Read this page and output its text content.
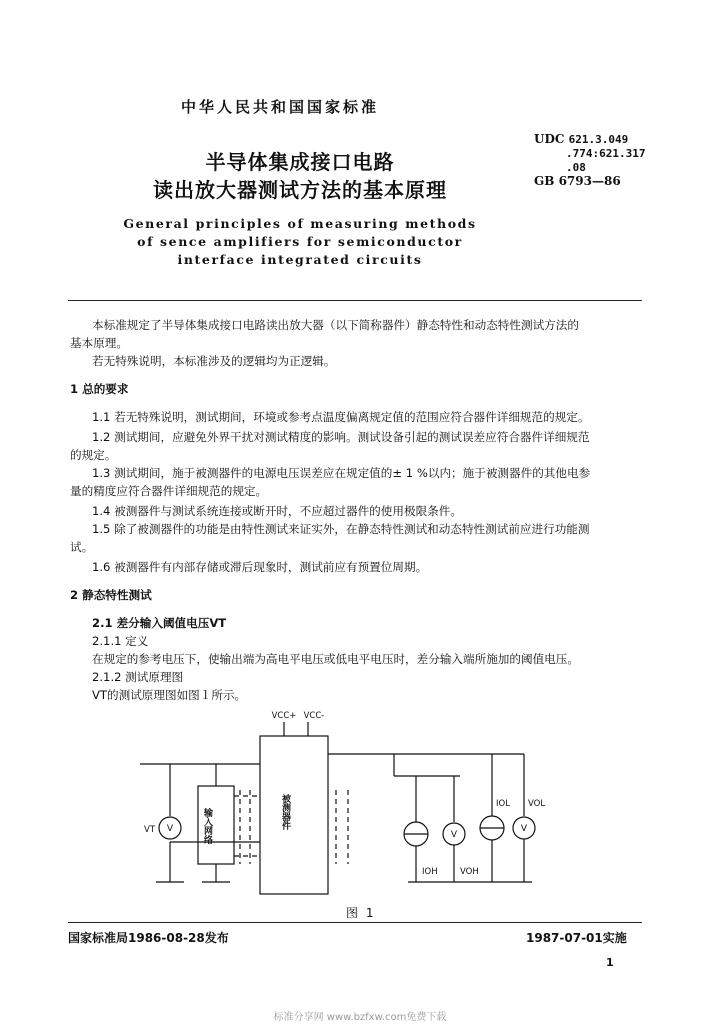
中华人民共和国国家标准
半导体集成接口电路
读出放大器测试方法的基本原理
General principles of measuring methods
of sence amplifiers for semiconductor
interface integrated circuits
UDC 621.3.049
.774:621.317
.08
GB 6793—86
本标准规定了半导体集成接口电路读出放大器（以下简称器件）静态特性和动态特性测试方法的
基本原理。
若无特殊说明，本标准涉及的逻辑均为正逻辑。
1 总的要求
1.1 若无特殊说明，测试期间，环境或参考点温度偏离规定值的范围应符合器件详细规范的规定。
1.2 测试期间，应避免外界干扰对测试精度的影响。测试设备引起的测试误差应符合器件详细规范
的规定。
1.3 测试期间，施于被测器件的电源电压误差应在规定值的± 1 %以内；施于被测器件的其他电参
量的精度应符合器件详细规范的规定。
1.4 被测器件与测试系统连接或断开时，不应超过器件的使用极限条件。
1.5 除了被测器件的功能是由特性测试来证实外，在静态特性测试和动态特性测试前应进行功能测
试。
1.6 被测器件有内部存储或滞后现象时，测试前应有预置位周期。
2 静态特性测试
2.1 差分输入阈值电压VT
2.1.1 定义
在规定的参考电压下，使输出端为高电平电压或低电平电压时，差分输入端所施加的阈值电压。
2.1.2 测试原理图
VT的测试原理图如图１所示。
VCC+ VCC-
VT V
V
V
IOH	VOH
IOL VOL
输入网络	被测器件
图 1
国家标准局1986-08-28发布	1987-07-01实施
1
标准分享网 www.bzfxw.com免费下载
